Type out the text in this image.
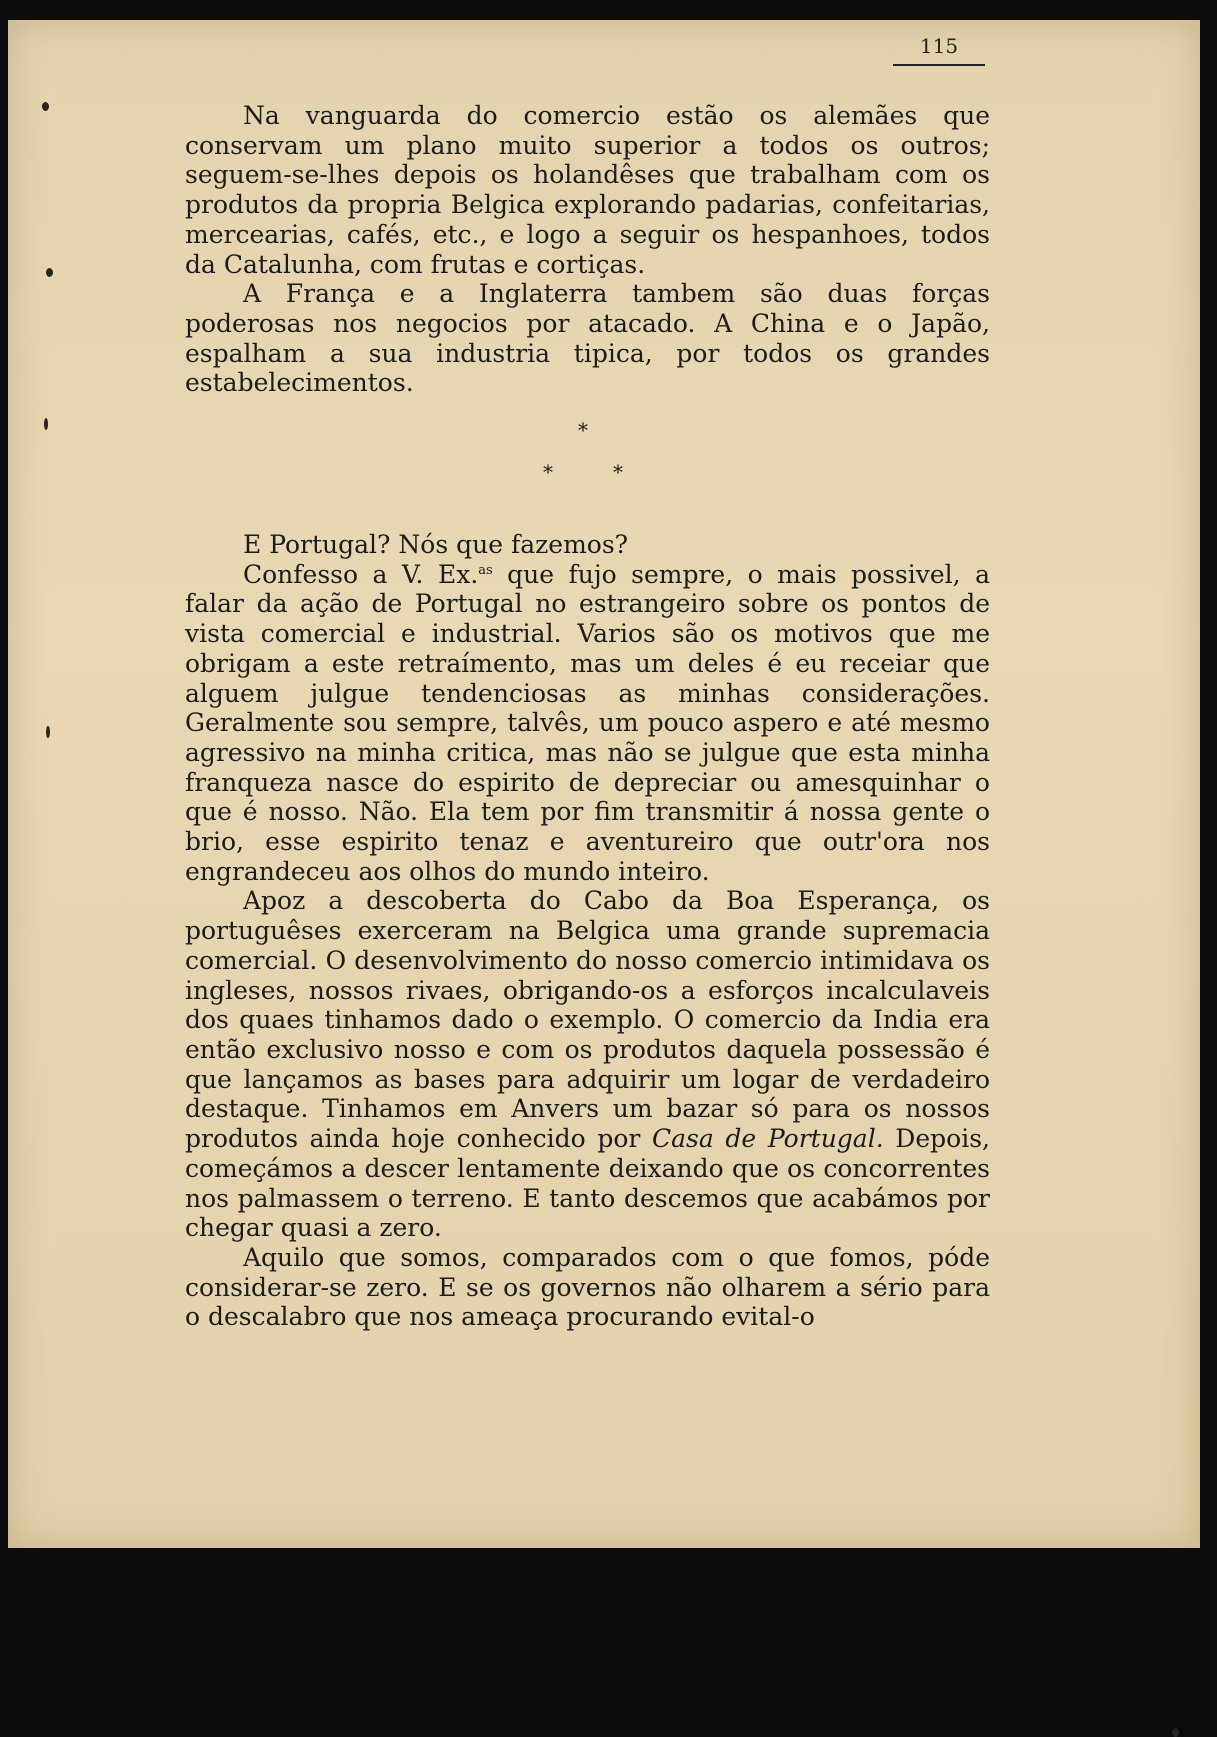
115

Na vanguarda do comercio estão os alemães que conservam um plano muito superior a todos os outros; seguem-se-lhes depois os holandêses que trabalham com os produtos da propria Belgica explorando padarias, confeitarias, mercearias, cafés, etc., e logo a seguir os hespanhoes, todos da Catalunha, com frutas e cortiças.

A França e a Inglaterra tambem são duas forças poderosas nos negocios por atacado. A China e o Japão, espalham a sua industria tipica, por todos os grandes estabelecimentos.

*
*	*

E Portugal? Nós que fazemos?

Confesso a V. Ex.$^{as}$ que fujo sempre, o mais possivel, a falar da ação de Portugal no estrangeiro sobre os pontos de vista comercial e industrial. Varios são os motivos que me obrigam a este retraímento, mas um deles é eu receiar que alguem julgue tendenciosas as minhas considerações. Geralmente sou sempre, talvês, um pouco aspero e até mesmo agressivo na minha critica, mas não se julgue que esta minha franqueza nasce do espirito de depreciar ou amesquinhar o que é nosso. Não. Ela tem por fim transmitir á nossa gente o brio, esse espirito tenaz e aventureiro que outr'ora nos engrandeceu aos olhos do mundo inteiro.

Apoz a descoberta do Cabo da Boa Esperança, os portuguêses exerceram na Belgica uma grande supremacia comercial. O desenvolvimento do nosso comercio intimidava os ingleses, nossos rivaes, obrigando-os a esforços incalculaveis dos quaes tinhamos dado o exemplo. O comercio da India era então exclusivo nosso e com os produtos daquela possessão é que lançamos as bases para adquirir um logar de verdadeiro destaque. Tinhamos em Anvers um bazar só para os nossos produtos ainda hoje conhecido por Casa de Portugal. Depois, começámos a descer lentamente deixando que os concorrentes nos palmassem o terreno. E tanto descemos que acabámos por chegar quasi a zero.

Aquilo que somos, comparados com o que fomos, póde considerar-se zero. E se os governos não olharem a sério para o descalabro que nos ameaça procurando evital-o
